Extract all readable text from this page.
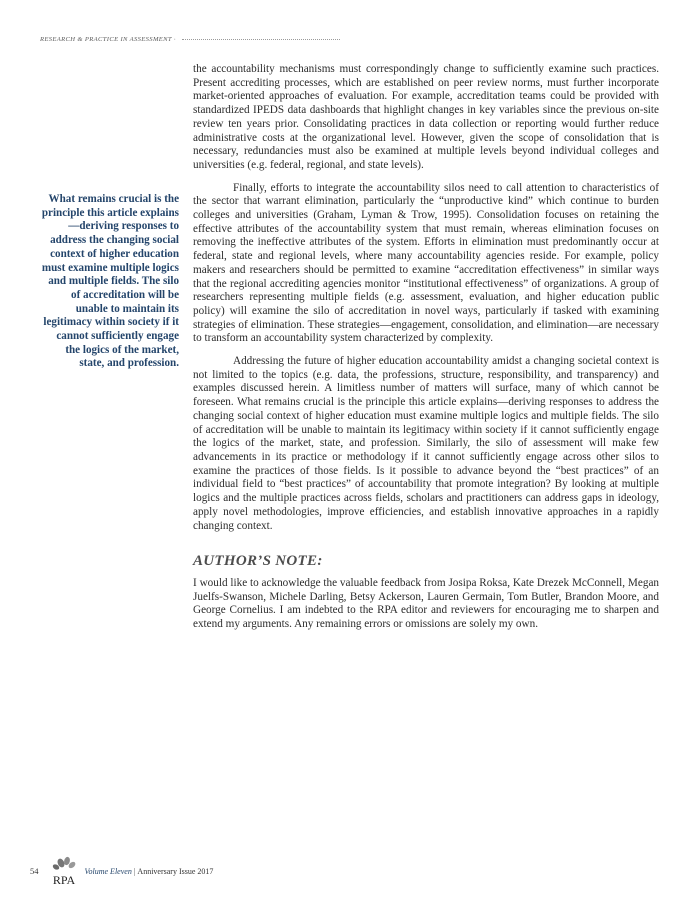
RESEARCH & PRACTICE IN ASSESSMENT ·
What remains crucial is the principle this article explains—deriving responses to address the changing social context of higher education must examine multiple logics and multiple fields. The silo of accreditation will be unable to maintain its legitimacy within society if it cannot sufficiently engage the logics of the market, state, and profession.

the accountability mechanisms must correspondingly change to sufficiently examine such practices. Present accrediting processes, which are established on peer review norms, must further incorporate market-oriented approaches of evaluation. For example, accreditation teams could be provided with standardized IPEDS data dashboards that highlight changes in key variables since the previous on-site review ten years prior. Consolidating practices in data collection or reporting would further reduce administrative costs at the organizational level. However, given the scope of consolidation that is necessary, redundancies must also be examined at multiple levels beyond individual colleges and universities (e.g. federal, regional, and state levels).

Finally, efforts to integrate the accountability silos need to call attention to characteristics of the sector that warrant elimination, particularly the “unproductive kind” which continue to burden colleges and universities (Graham, Lyman & Trow, 1995). Consolidation focuses on retaining the effective attributes of the accountability system that must remain, whereas elimination focuses on removing the ineffective attributes of the system. Efforts in elimination must predominantly occur at federal, state and regional levels, where many accountability agencies reside. For example, policy makers and researchers should be permitted to examine “accreditation effectiveness” in similar ways that the regional accrediting agencies monitor “institutional effectiveness” of organizations. A group of researchers representing multiple fields (e.g. assessment, evaluation, and higher education public policy) will examine the silo of accreditation in novel ways, particularly if tasked with examining strategies of elimination. These strategies—engagement, consolidation, and elimination—are necessary to transform an accountability system characterized by complexity.

Addressing the future of higher education accountability amidst a changing societal context is not limited to the topics (e.g. data, the professions, structure, responsibility, and transparency) and examples discussed herein. A limitless number of matters will surface, many of which cannot be foreseen. What remains crucial is the principle this article explains—deriving responses to address the changing social context of higher education must examine multiple logics and multiple fields. The silo of accreditation will be unable to maintain its legitimacy within society if it cannot sufficiently engage the logics of the market, state, and profession. Similarly, the silo of assessment will make few advancements in its practice or methodology if it cannot sufficiently engage across other silos to examine the practices of those fields. Is it possible to advance beyond the “best practices” of an individual field to “best practices” of accountability that promote integration? By looking at multiple logics and the multiple practices across fields, scholars and practitioners can address gaps in ideology, apply novel methodologies, improve efficiencies, and establish innovative approaches in a rapidly changing context.

AUTHOR’S NOTE:

I would like to acknowledge the valuable feedback from Josipa Roksa, Kate Drezek McConnell, Megan Juelfs-Swanson, Michele Darling, Betsy Ackerson, Lauren Germain, Tom Butler, Brandon Moore, and George Cornelius. I am indebted to the RPA editor and reviewers for encouraging me to sharpen and extend my arguments. Any remaining errors or omissions are solely my own.

54
RPA
Volume Eleven | Anniversary Issue 2017
